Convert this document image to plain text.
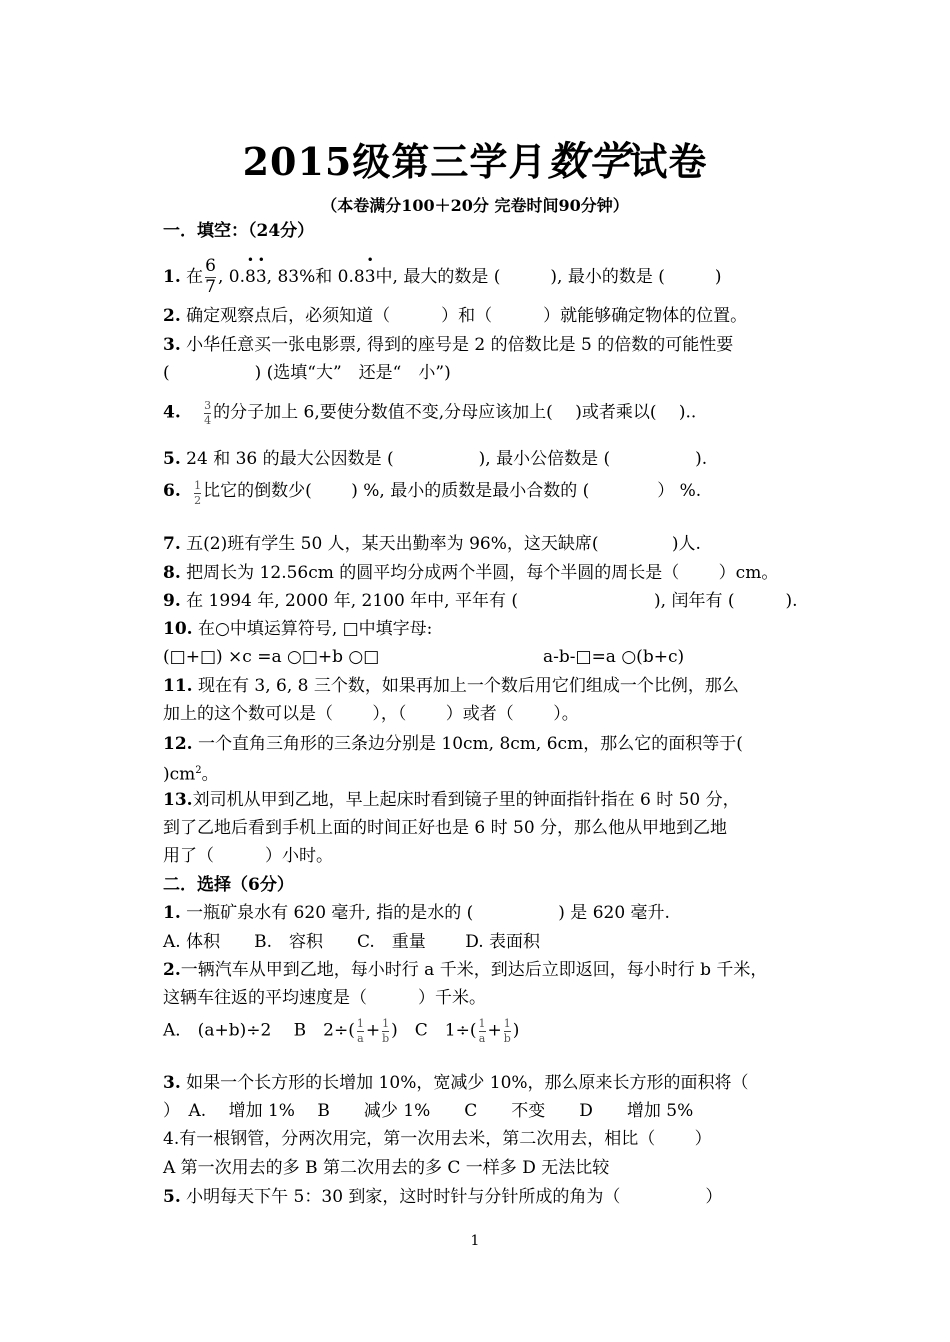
2015级第三学月数学试卷
（本卷满分100＋20分 完卷时间90分钟）
一．填空：（24分）
1. 在 $\frac{6}{7}$ , 0.• 8• 3, 83%和 0.8• 3中, 最大的数是 (	), 最小的数是 (	)
2. 确定观察点后，必须知道（　　　）和（　　　）就能够确定物体的位置。
3. 小华任意买一张电影票, 得到的座号是 2 的倍数比是 5 的倍数的可能性要
(　　　　　) (选填“大”　还是“　小”)
4. $\frac{3}{4}$ 的分子加上 6,要使分数值不变,分母应该加上(　 )或者乘以(　 )..
5. 24 和 36 的最大公因数是 (　　　　　), 最小公倍数是 (　　　　　).
6. $\frac{1}{2}$ 比它的倒数少(　　 ) %, 最小的质数是最小合数的 (　　　　） %.
7. 五(2)班有学生 50 人，某天出勤率为 96%，这天缺席(　　　　 )人.
8. 把周长为 12.56cm 的圆平均分成两个半圆，每个半圆的周长是（　　 ）cm。
9. 在 1994 年, 2000 年, 2100 年中, 平年有 (　　　　　　　　), 闰年有 (　　　).
10. 在○中填运算符号, □中填字母:
(□+□) ×c =a ○□+b ○□	a-b-□=a ○(b+c)
11. 现在有 3, 6, 8 三个数，如果再加上一个数后用它们组成一个比例，那么
加上的这个数可以是（　　 ），（　　 ）或者（　　 ）。
12. 一个直角三角形的三条边分别是 10cm, 8cm, 6cm，那么它的面积等于(
)$cm^2$。
13.刘司机从甲到乙地，早上起床时看到镜子里的钟面指针指在 6 时 50 分，
到了乙地后看到手机上面的时间正好也是 6 时 50 分，那么他从甲地到乙地
用了（　　　）小时。
二．选择（6分）
1. 一瓶矿泉水有 620 毫升, 指的是水的 (　　　　　) 是 620 毫升.
A. 体积　　B.　容积　　C.　重量　　 D. 表面积
2.一辆汽车从甲到乙地，每小时行 a 千米，到达后立即返回，每小时行 b 千米，
这辆车往返的平均速度是（　　　）千米。
A． (a+b)÷2　 B　$2\div( \frac{1}{a} + \frac{1}{b}$ )　C　$1\div( \frac{1}{a} + \frac{1}{b}$ )
3. 如果一个长方形的长增加 10%，宽减少 10%，那么原来长方形的面积将（
）　A.　 增加 1%　 B　　减少 1%　　C　　不变　　D　　增加 5%
4.有一根钢管，分两次用完，第一次用去米，第二次用去，相比（　　 ）
A 第一次用去的多 B 第二次用去的多 C 一样多 D 无法比较
5. 小明每天下午 5：30 到家，这时时针与分针所成的角为（　　　　　）
1
